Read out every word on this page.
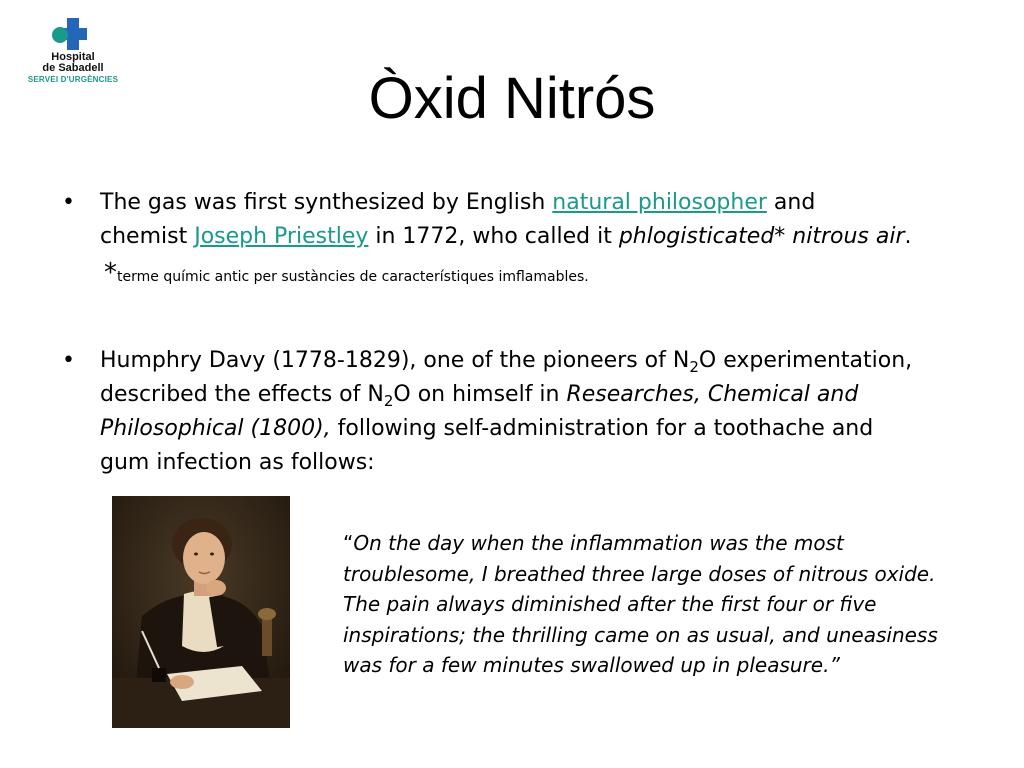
Hospital
de Sabadell
SERVEI D'URGÈNCIES	Òxid Nitrós
• The gas was first synthesized by English natural philosopher and
chemist Joseph Priestley in 1772, who called it phlogisticated* nitrous air.
*terme químic antic per sustàncies de característiques imflamables.
• Humphry Davy (1778-1829), one of the pioneers of $N_2O$ experimentation,
described the effects of $N_2O$ on himself in Researches, Chemical and
Philosophical (1800), following self-administration for a toothache and
gum infection as follows:
“On the day when the inflammation was the most
troublesome, I breathed three large doses of nitrous oxide.
The pain always diminished after the first four or five
inspirations; the thrilling came on as usual, and uneasiness
was for a few minutes swallowed up in pleasure.”
